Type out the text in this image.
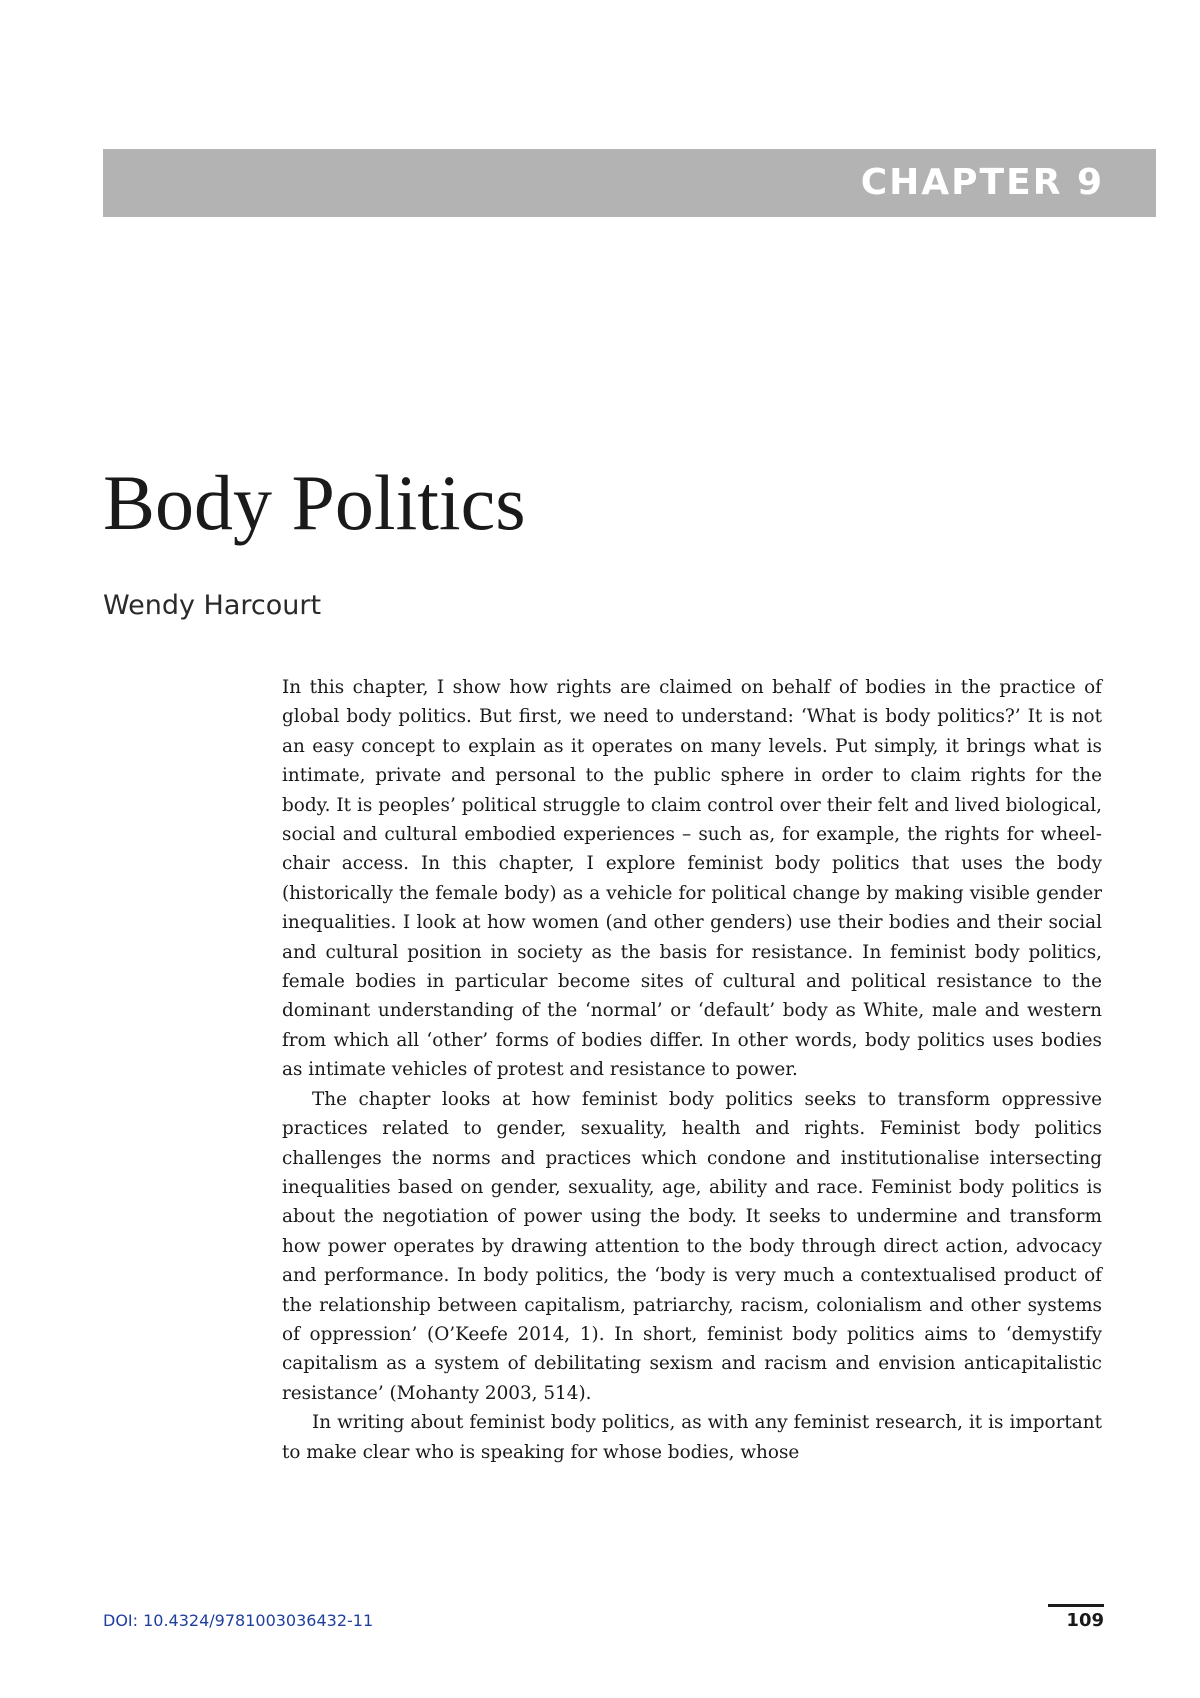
CHAPTER 9
Body Politics

Wendy Harcourt

In this chapter, I show how rights are claimed on behalf of bodies in the practice of global body politics. But first, we need to understand: ‘What is body politics?’ It is not an easy concept to explain as it operates on many levels. Put simply, it brings what is intimate, private and personal to the public sphere in order to claim rights for the body. It is peoples’ political struggle to claim control over their felt and lived biological, social and cultural embodied experiences – such as, for example, the rights for wheelchair access. In this chapter, I explore feminist body politics that uses the body (historically the female body) as a vehicle for political change by making visible gender inequalities. I look at how women (and other genders) use their bodies and their social and cultural position in society as the basis for resistance. In feminist body politics, female bodies in particular become sites of cultural and political resistance to the dominant understanding of the ‘normal’ or ‘default’ body as White, male and western from which all ‘other’ forms of bodies differ. In other words, body politics uses bodies as intimate vehicles of protest and resistance to power.

The chapter looks at how feminist body politics seeks to transform oppressive practices related to gender, sexuality, health and rights. Feminist body politics challenges the norms and practices which condone and institutionalise intersecting inequalities based on gender, sexuality, age, ability and race. Feminist body politics is about the negotiation of power using the body. It seeks to undermine and transform how power operates by drawing attention to the body through direct action, advocacy and performance. In body politics, the ‘body is very much a contextualised product of the relationship between capitalism, patriarchy, racism, colonialism and other systems of oppression’ (O’Keefe 2014, 1). In short, feminist body politics aims to ‘demystify capitalism as a system of debilitating sexism and racism and envision anticapitalistic resistance’ (Mohanty 2003, 514).

In writing about feminist body politics, as with any feminist research, it is important to make clear who is speaking for whose bodies, whose

DOI: 10.4324/9781003036432-11	109
